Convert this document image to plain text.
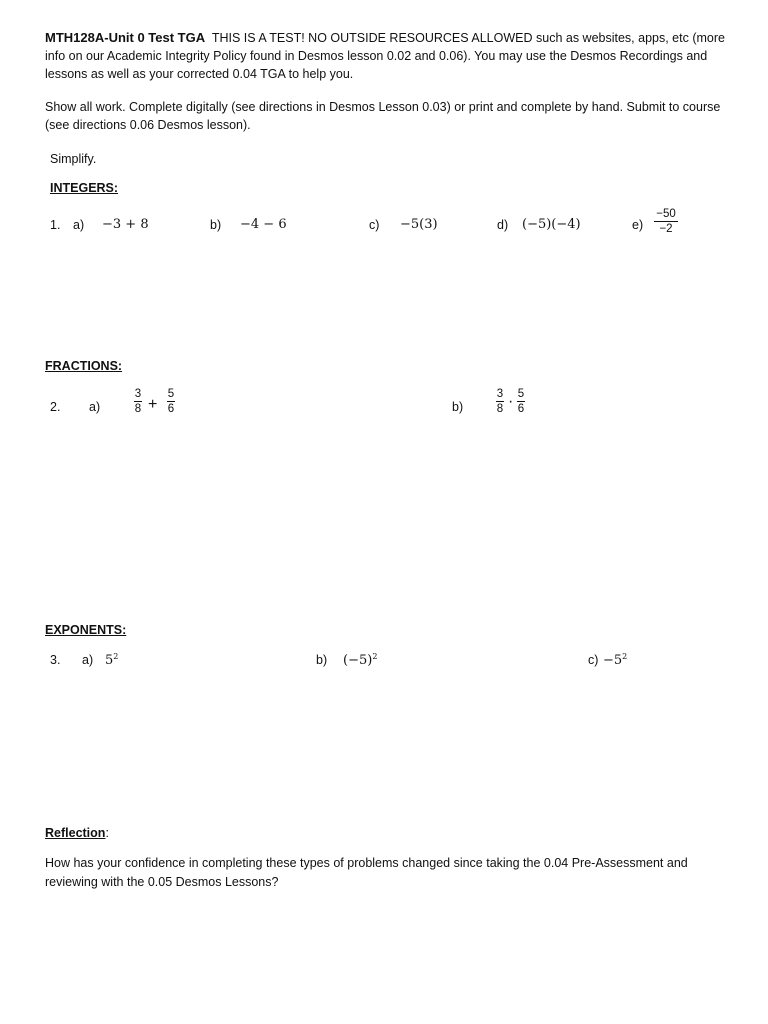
MTH128A-Unit 0 Test TGA THIS IS A TEST! NO OUTSIDE RESOURCES ALLOWED such as websites, apps, etc (more info on our Academic Integrity Policy found in Desmos lesson 0.02 and 0.06). You may use the Desmos Recordings and lessons as well as your corrected 0.04 TGA to help you.
Show all work. Complete digitally (see directions in Desmos Lesson 0.03) or print and complete by hand. Submit to course (see directions 0.06 Desmos lesson).
Simplify.
INTEGERS:
1. a) −3 + 8	b) −4 − 6	c) −5(3)	d) (−5)(−4)	e)
−50
−2
FRACTIONS:
2. a)
3
8 +
5
6	b)
3
8 · 5
6
EXPONENTS:
3. a) $5^2$	b) $(-5)^2$	$c) -5^2$
Reflection:
How has your confidence in completing these types of problems changed since taking the 0.04 Pre-Assessment and reviewing with the 0.05 Desmos Lessons?
